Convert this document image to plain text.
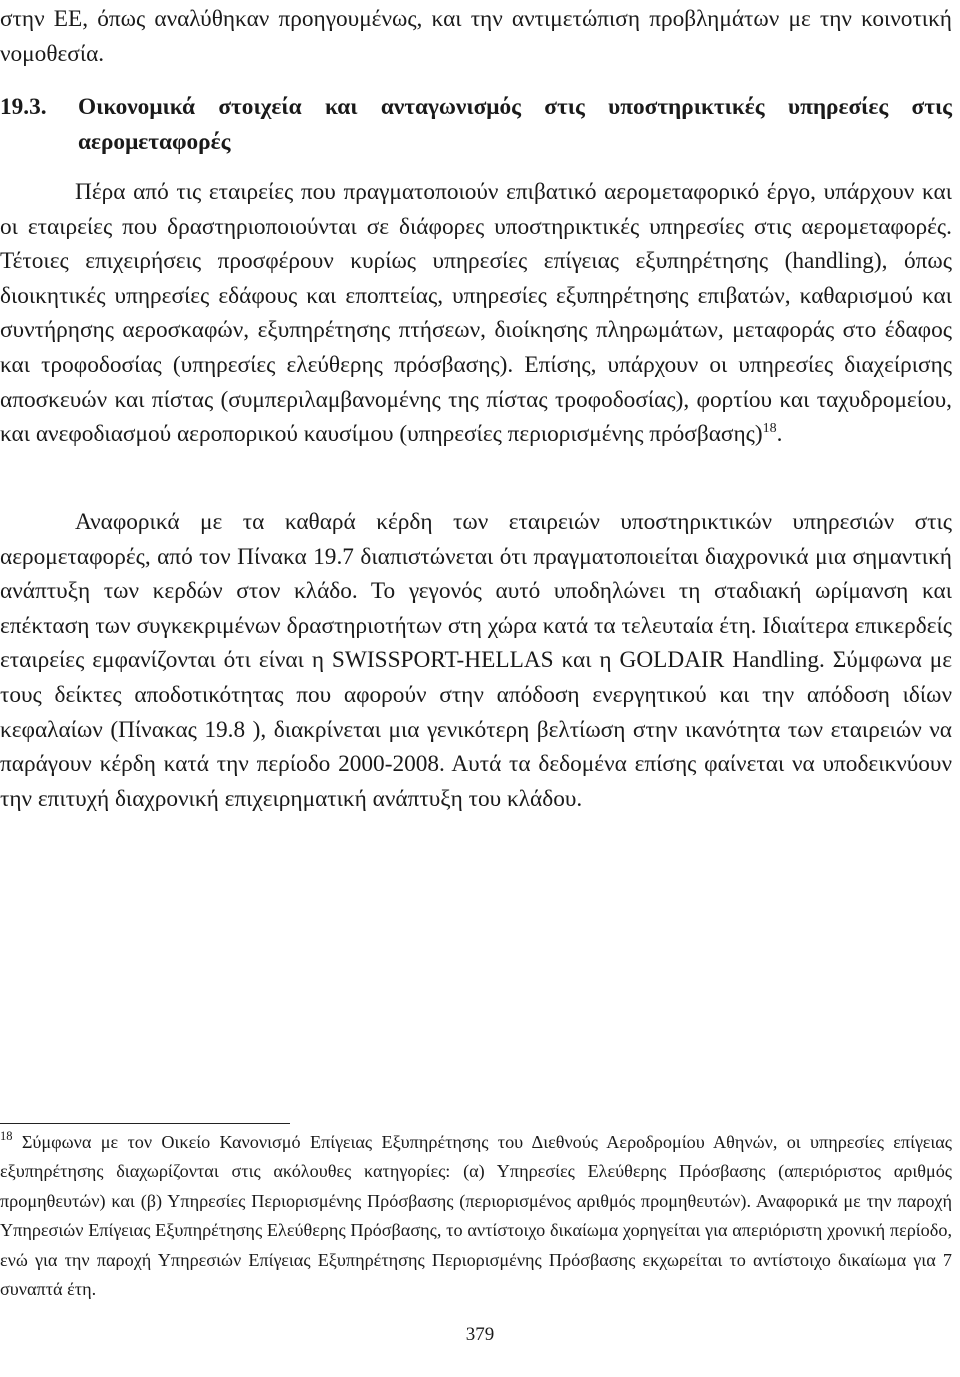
στην ΕΕ, όπως αναλύθηκαν προηγουμένως, και την αντιμετώπιση προβλημάτων με την κοινοτική νομοθεσία.

19.3.	Οικονομικά στοιχεία και ανταγωνισμός στις υποστηρικτικές υπηρεσίες στις αερομεταφορές

Πέρα από τις εταιρείες που πραγματοποιούν επιβατικό αερομεταφορικό έργο, υπάρχουν και οι εταιρείες που δραστηριοποιούνται σε διάφορες υποστηρικτικές υπηρεσίες στις αερομεταφορές. Τέτοιες επιχειρήσεις προσφέρουν κυρίως υπηρεσίες επίγειας εξυπηρέτησης (handling), όπως διοικητικές υπηρεσίες εδάφους και εποπτείας, υπηρεσίες εξυπηρέτησης επιβατών, καθαρισμού και συντήρησης αεροσκαφών, εξυπηρέτησης πτήσεων, διοίκησης πληρωμάτων, μεταφοράς στο έδαφος και τροφοδοσίας (υπηρεσίες ελεύθερης πρόσβασης). Επίσης, υπάρχουν οι υπηρεσίες διαχείρισης αποσκευών και πίστας (συμπεριλαμβανομένης της πίστας τροφοδοσίας), φορτίου και ταχυδρομείου, και ανεφοδιασμού αεροπορικού καυσίμου (υπηρεσίες περιορισμένης πρόσβασης)$^{18}$.

Αναφορικά με τα καθαρά κέρδη των εταιρειών υποστηρικτικών υπηρεσιών στις αερομεταφορές, από τον Πίνακα 19.7 διαπιστώνεται ότι πραγματοποιείται διαχρονικά μια σημαντική ανάπτυξη των κερδών στον κλάδο. Το γεγονός αυτό υποδηλώνει τη σταδιακή ωρίμανση και επέκταση των συγκεκριμένων δραστηριοτήτων στη χώρα κατά τα τελευταία έτη. Ιδιαίτερα επικερδείς εταιρείες εμφανίζονται ότι είναι η SWISSPORT-HELLAS και η GOLDAIR Handling. Σύμφωνα με τους δείκτες αποδοτικότητας που αφορούν στην απόδοση ενεργητικού και την απόδοση ιδίων κεφαλαίων (Πίνακας 19.8 ), διακρίνεται μια γενικότερη βελτίωση στην ικανότητα των εταιρειών να παράγουν κέρδη κατά την περίοδο 2000-2008. Αυτά τα δεδομένα επίσης φαίνεται να υποδεικνύουν την επιτυχή διαχρονική επιχειρηματική ανάπτυξη του κλάδου.

$^{18}$ Σύμφωνα με τον Οικείο Κανονισμό Επίγειας Εξυπηρέτησης του Διεθνούς Αεροδρομίου Αθηνών, οι υπηρεσίες επίγειας εξυπηρέτησης διαχωρίζονται στις ακόλουθες κατηγορίες: (α) Υπηρεσίες Ελεύθερης Πρόσβασης (απεριόριστος αριθμός προμηθευτών) και (β) Υπηρεσίες Περιορισμένης Πρόσβασης (περιορισμένος αριθμός προμηθευτών). Αναφορικά με την παροχή Υπηρεσιών Επίγειας Εξυπηρέτησης Ελεύθερης Πρόσβασης, το αντίστοιχο δικαίωμα χορηγείται για απεριόριστη χρονική περίοδο, ενώ για την παροχή Υπηρεσιών Επίγειας Εξυπηρέτησης Περιορισμένης Πρόσβασης εκχωρείται το αντίστοιχο δικαίωμα για 7 συναπτά έτη.

379
